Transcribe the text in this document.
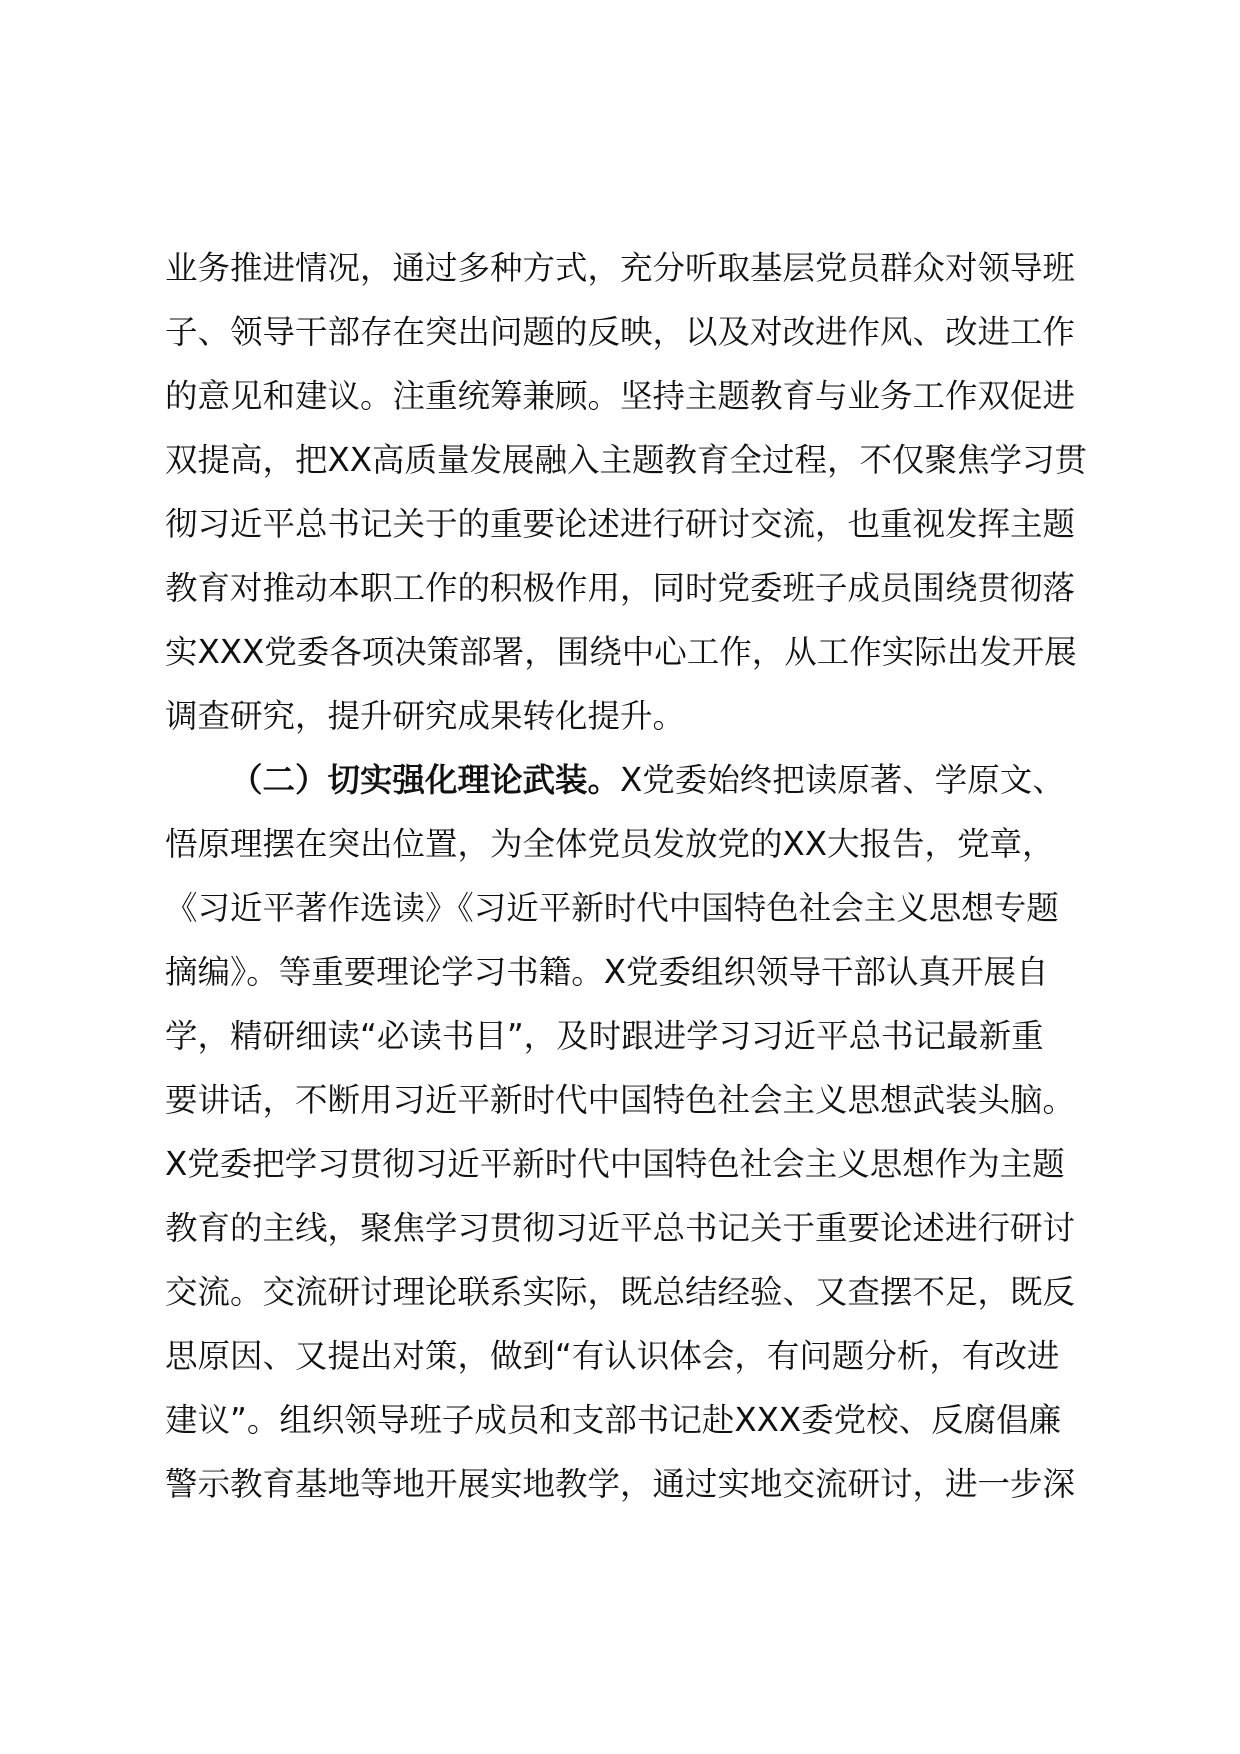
业务推进情况，通过多种方式，充分听取基层党员群众对领导班
子、领导干部存在突出问题的反映，以及对改进作风、改进工作
的意见和建议。注重统筹兼顾。坚持主题教育与业务工作双促进
双提高，把XX高质量发展融入主题教育全过程，不仅聚焦学习贯
彻习近平总书记关于的重要论述进行研讨交流，也重视发挥主题
教育对推动本职工作的积极作用，同时党委班子成员围绕贯彻落
实XXX党委各项决策部署，围绕中心工作，从工作实际出发开展
调查研究，提升研究成果转化提升。
（二）切实强化理论武装。X党委始终把读原著、学原文、
悟原理摆在突出位置，为全体党员发放党的XX大报告，党章，
《习近平著作选读》《习近平新时代中国特色社会主义思想专题
摘编》。等重要理论学习书籍。X党委组织领导干部认真开展自
学，精研细读“必读书目”，及时跟进学习习近平总书记最新重
要讲话，不断用习近平新时代中国特色社会主义思想武装头脑。
X党委把学习贯彻习近平新时代中国特色社会主义思想作为主题
教育的主线，聚焦学习贯彻习近平总书记关于重要论述进行研讨
交流。交流研讨理论联系实际，既总结经验、又查摆不足，既反
思原因、又提出对策，做到“有认识体会，有问题分析，有改进
建议”。组织领导班子成员和支部书记赴XXX委党校、反腐倡廉
警示教育基地等地开展实地教学，通过实地交流研讨，进一步深
